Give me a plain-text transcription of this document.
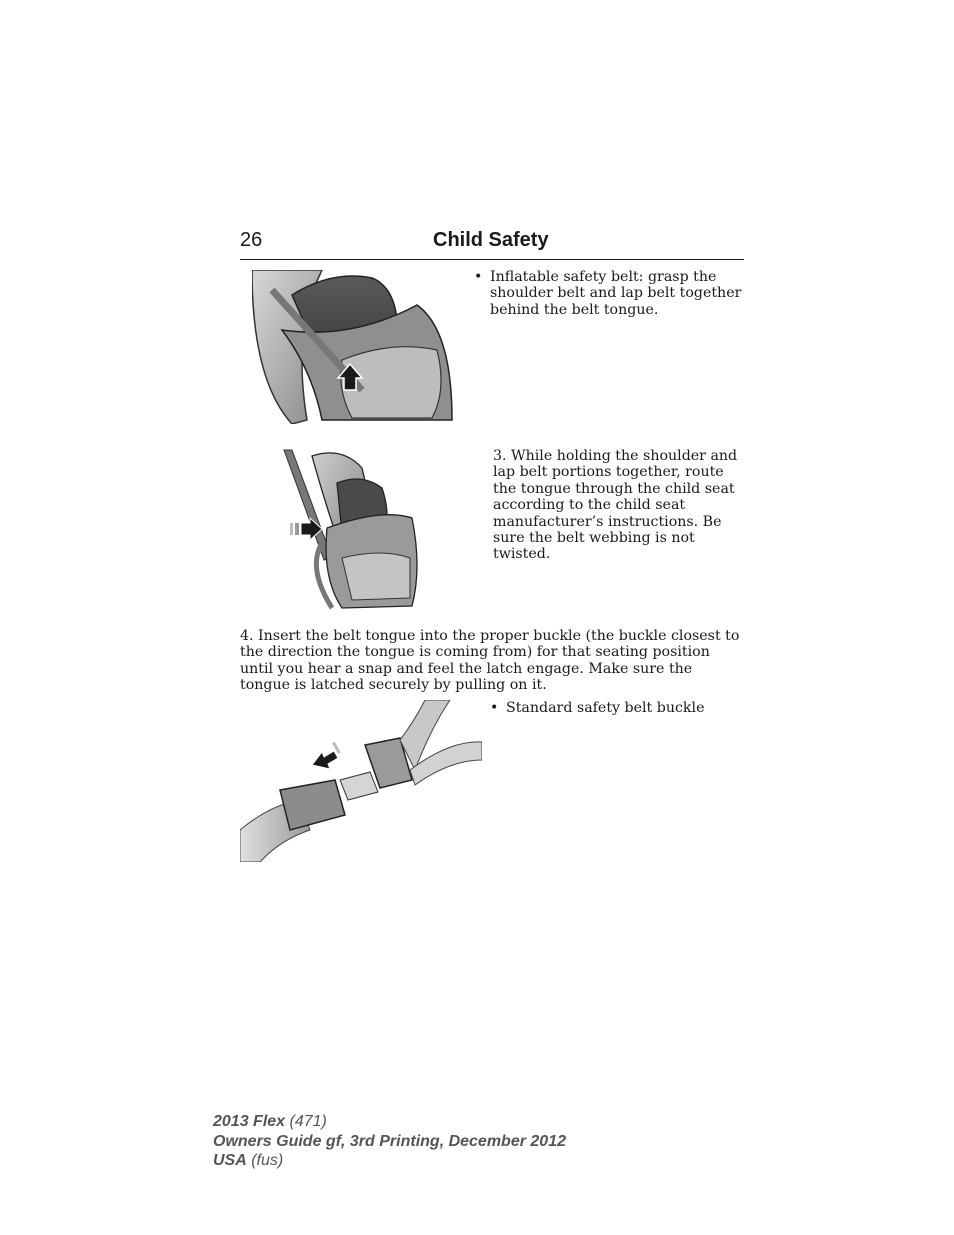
26	Child Safety
• Inflatable safety belt: grasp the shoulder belt and lap belt together behind the belt tongue.
3. While holding the shoulder and lap belt portions together, route the tongue through the child seat according to the child seat manufacturer’s instructions. Be sure the belt webbing is not twisted.
4. Insert the belt tongue into the proper buckle (the buckle closest to the direction the tongue is coming from) for that seating position until you hear a snap and feel the latch engage. Make sure the tongue is latched securely by pulling on it.
• Standard safety belt buckle
2013 Flex (471)
Owners Guide gf, 3rd Printing, December 2012
USA (fus)
